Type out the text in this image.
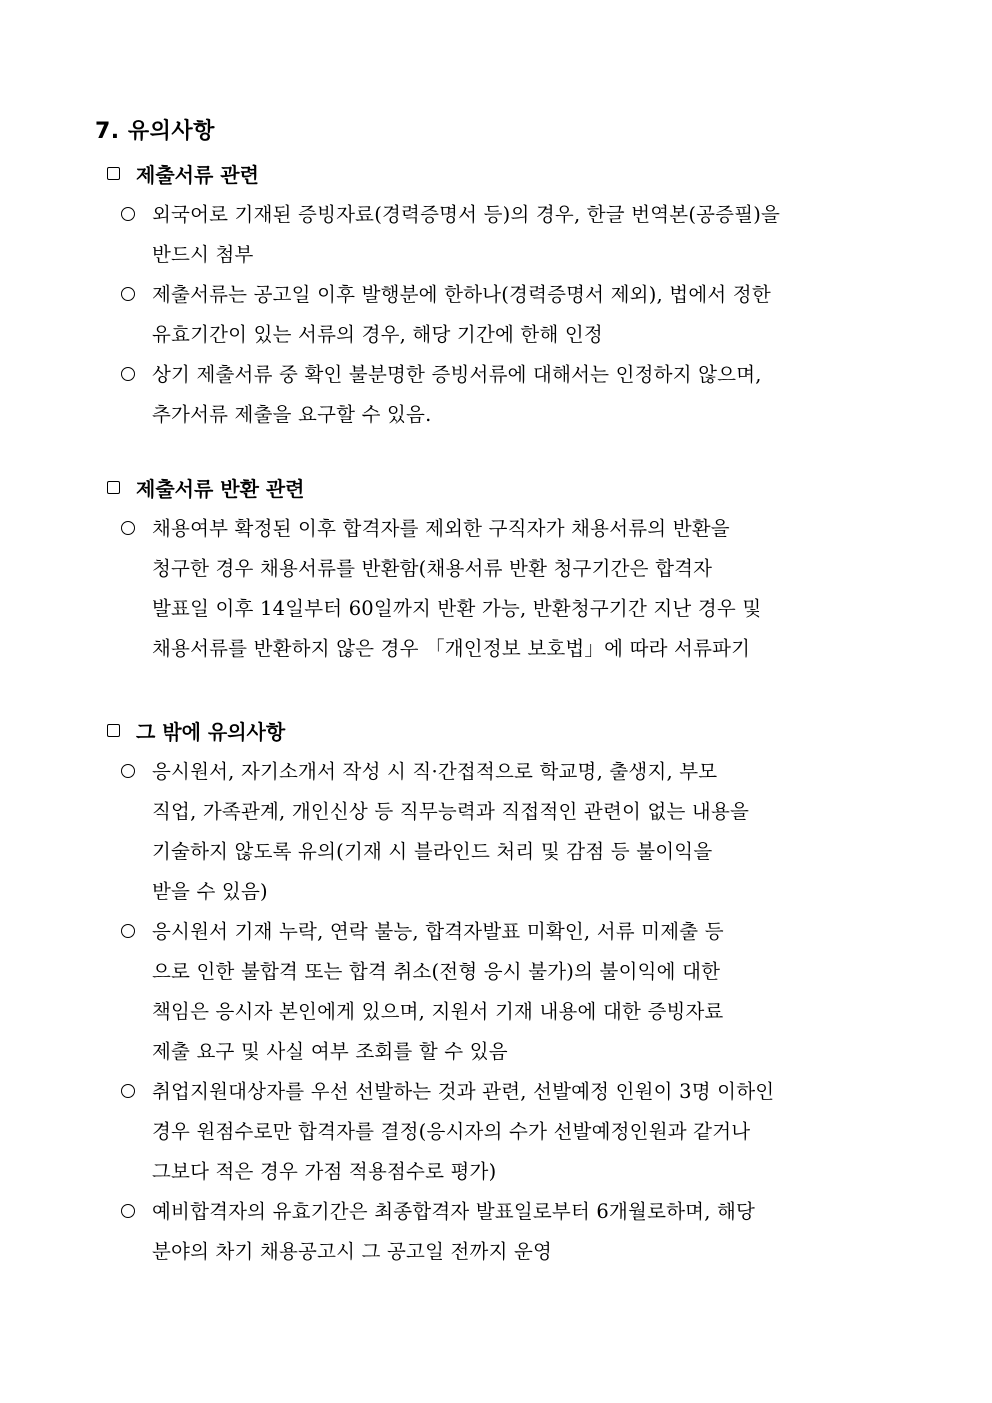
7. 유의사항
제출서류 관련
외국어로 기재된 증빙자료(경력증명서 등)의 경우, 한글 번역본(공증필)을
반드시 첨부
제출서류는 공고일 이후 발행분에 한하나(경력증명서 제외), 법에서 정한
유효기간이 있는 서류의 경우, 해당 기간에 한해 인정
상기 제출서류 중 확인 불분명한 증빙서류에 대해서는 인정하지 않으며,
추가서류 제출을 요구할 수 있음.
제출서류 반환 관련
채용여부 확정된 이후 합격자를 제외한 구직자가 채용서류의 반환을
청구한 경우 채용서류를 반환함(채용서류 반환 청구기간은 합격자
발표일 이후 14일부터 60일까지 반환 가능, 반환청구기간 지난 경우 및
채용서류를 반환하지 않은 경우 「개인정보 보호법」에 따라 서류파기
그 밖에 유의사항
응시원서, 자기소개서 작성 시 직·간접적으로 학교명, 출생지, 부모
직업, 가족관계, 개인신상 등 직무능력과 직접적인 관련이 없는 내용을
기술하지 않도록 유의(기재 시 블라인드 처리 및 감점 등 불이익을
받을 수 있음)
응시원서 기재 누락, 연락 불능, 합격자발표 미확인, 서류 미제출 등
으로 인한 불합격 또는 합격 취소(전형 응시 불가)의 불이익에 대한
책임은 응시자 본인에게 있으며, 지원서 기재 내용에 대한 증빙자료
제출 요구 및 사실 여부 조회를 할 수 있음
취업지원대상자를 우선 선발하는 것과 관련, 선발예정 인원이 3명 이하인
경우 원점수로만 합격자를 결정(응시자의 수가 선발예정인원과 같거나
그보다 적은 경우 가점 적용점수로 평가)
예비합격자의 유효기간은 최종합격자 발표일로부터 6개월로하며, 해당
분야의 차기 채용공고시 그 공고일 전까지 운영
